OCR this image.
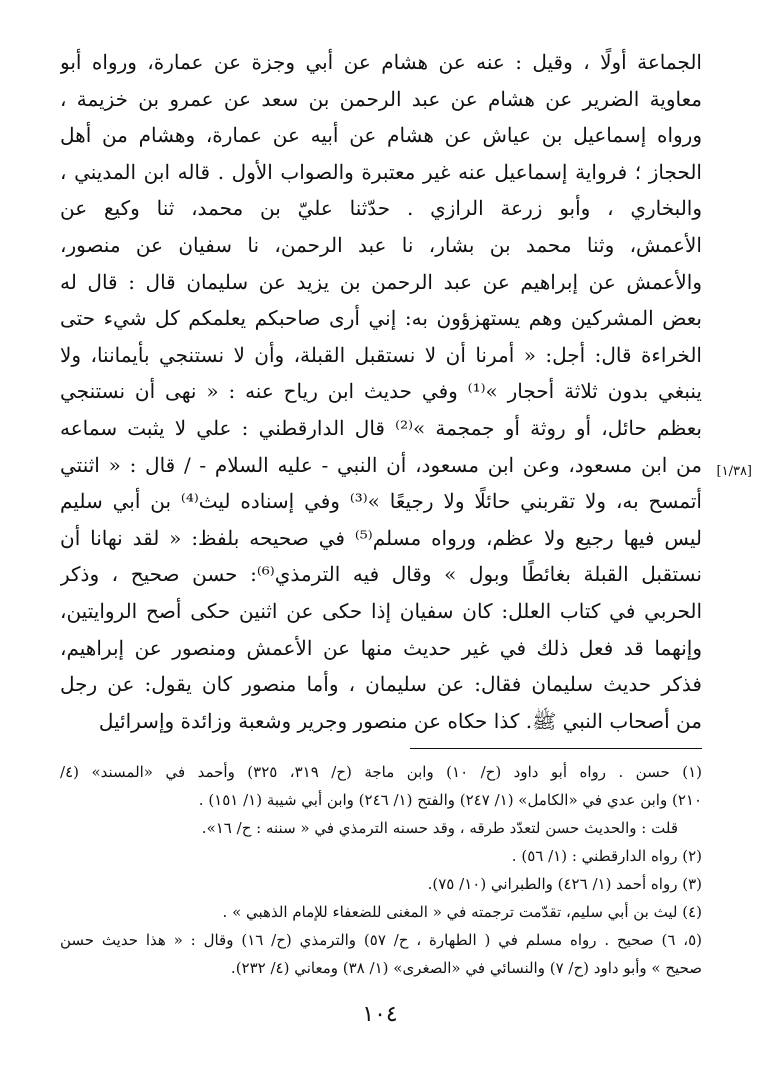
الجماعة أولًا ، وقيل : عنه عن هشام عن أبي وجزة عن عمارة، ورواه أبو
معاوية الضرير عن هشام عن عبد الرحمن بن سعد عن عمرو بن خزيمة ،
ورواه إسماعيل بن عياش عن هشام عن أبيه عن عمارة، وهشام من أهل
الحجاز ؛ فرواية إسماعيل عنه غير معتبرة والصواب الأول . قاله ابن المديني ،
والبخاري ، وأبو زرعة الرازي . حدّثنا عليّ بن محمد، ثنا وكيع عن
الأعمش، وثنا محمد بن بشار، نا عبد الرحمن، نا سفيان عن منصور،
والأعمش عن إبراهيم عن عبد الرحمن بن يزيد عن سليمان قال : قال له
بعض المشركين وهم يستهزؤون به: إني أرى صاحبكم يعلمكم كل شيء حتى
الخراءة قال: أجل: « أمرنا أن لا نستقبل القبلة، وأن لا نستنجي بأيماننا، ولا
ينبغي بدون ثلاثة أحجار »⁽¹⁾ وفي حديث ابن رياح عنه : « نهى أن نستنجي
بعظم حائل، أو روثة أو جمجمة »⁽²⁾ قال الدارقطني : علي لا يثبت سماعه
من ابن مسعود، وعن ابن مسعود، أن النبي - عليه السلام - / قال : « اثنتي
أتمسح به، ولا تقربني حائلًا ولا رجيعًا »⁽³⁾ وفي إسناده ليث⁽⁴⁾ بن أبي سليم
ليس فيها رجيع ولا عظم، ورواه مسلم⁽⁵⁾ في صحيحه بلفظ: « لقد نهانا أن
نستقبل القبلة بغائطًا وبول » وقال فيه الترمذي⁽⁶⁾: حسن صحيح ، وذكر
الحربي في كتاب العلل: كان سفيان إذا حكى عن اثنين حكى أصح الروايتين،
وإنهما قد فعل ذلك في غير حديث منها عن الأعمش ومنصور عن إبراهيم،
فذكر حديث سليمان فقال: عن سليمان ، وأما منصور كان يقول: عن رجل
من أصحاب النبي ﷺ. كذا حكاه عن منصور وجرير وشعبة وزائدة وإسرائيل
[١/٣٨]
(١) حسن . رواه أبو داود (ح/ ١٠) وابن ماجة (ح/ ٣١٩، ٣٢٥) وأحمد في «المسند» (٤/
٢١٠) وابن عدي في «الكامل» (١/ ٢٤٧) والفتح (١/ ٢٤٦) وابن أبي شيبة (١/ ١٥١) .
قلت : والحديث حسن لتعدّد طرقه ، وقد حسنه الترمذي في « سننه : ح/ ١٦».
(٢) رواه الدارقطني : (١/ ٥٦) .
(٣) رواه أحمد (١/ ٤٢٦) والطبراني (١٠/ ٧٥).
(٤) ليث بن أبي سليم، تقدّمت ترجمته في « المغنى للضعفاء للإمام الذهبي » .
(٥، ٦) صحيح . رواه مسلم في ( الطهارة ، ح/ ٥٧) والترمذي (ح/ ١٦) وقال : « هذا حديث حسن
صحيح » وأبو داود (ح/ ٧) والنسائي في «الصغرى» (١/ ٣٨) ومعاني (٤/ ٢٣٢).
١٠٤
